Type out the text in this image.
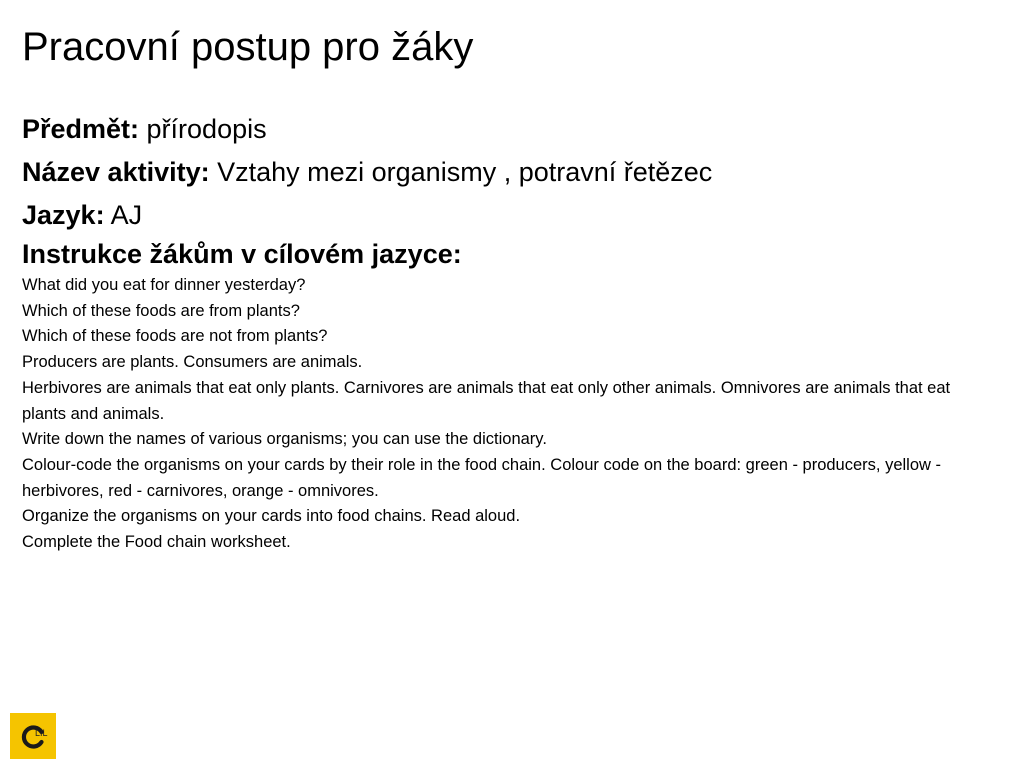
Pracovní postup pro žáky
Předmět: přírodopis
Název aktivity: Vztahy mezi organismy , potravní řetězec
Jazyk: AJ
Instrukce žákům v cílovém jazyce:
What did you eat for dinner yesterday?
Which of these foods are from plants?
Which of these foods are not from plants?
Producers are plants. Consumers are animals.
Herbivores are animals that eat only plants. Carnivores are animals that eat only other animals. Omnivores are animals that eat plants and animals.
Write down the names of various organisms; you can use the dictionary.
Colour-code the organisms on your cards by their role in the food chain. Colour code on the board: green - producers, yellow - herbivores, red - carnivores, orange - omnivores.
Organize the organisms on your cards into food chains. Read aloud.
Complete the Food chain worksheet.
LIL
